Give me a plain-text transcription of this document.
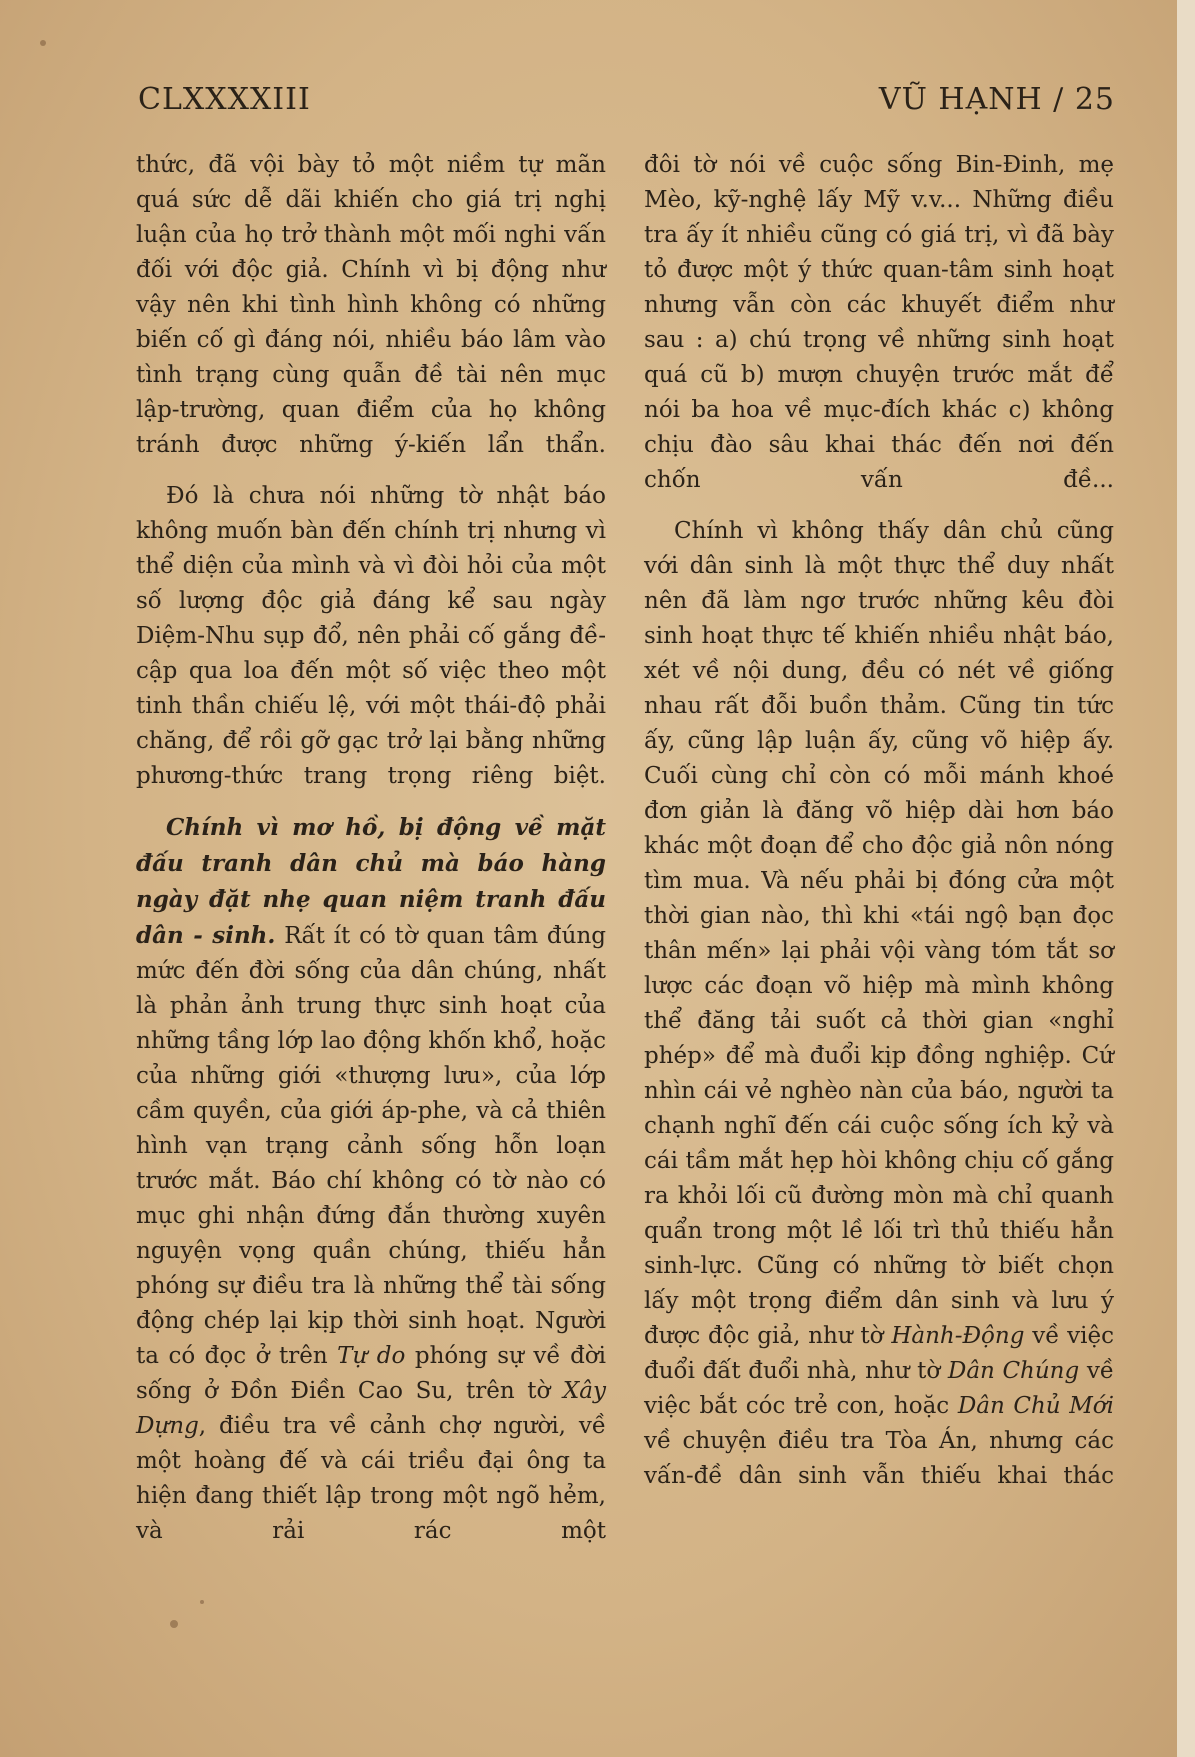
CLXXXXIII	VŨ HẠNH / 25

thức, đã vội bày tỏ một niềm tự mãn quá sức dễ dãi khiến cho giá trị nghị luận của họ trở thành một mối nghi vấn đối với độc giả. Chính vì bị động như vậy nên khi tình hình không có những biến cố gì đáng nói, nhiều báo lâm vào tình trạng cùng quẫn đề tài nên mục lập-trường, quan điểm của họ không tránh được những ý-kiến lẩn thẩn.

Đó là chưa nói những tờ nhật báo không muốn bàn đến chính trị nhưng vì thể diện của mình và vì đòi hỏi của một số lượng độc giả đáng kể sau ngày Diệm-Nhu sụp đổ, nên phải cố gắng đề-cập qua loa đến một số việc theo một tinh thần chiếu lệ, với một thái-độ phải chăng, để rồi gỡ gạc trở lại bằng những phương-thức trang trọng riêng biệt.

Chính vì mơ hồ, bị động về mặt đấu tranh dân chủ mà báo hàng ngày đặt nhẹ quan niệm tranh đấu dân - sinh. Rất ít có tờ quan tâm đúng mức đến đời sống của dân chúng, nhất là phản ảnh trung thực sinh hoạt của những tầng lớp lao động khốn khổ, hoặc của những giới «thượng lưu», của lớp cầm quyền, của giới áp-phe, và cả thiên hình vạn trạng cảnh sống hỗn loạn trước mắt. Báo chí không có tờ nào có mục ghi nhận đứng đắn thường xuyên nguyện vọng quần chúng, thiếu hẳn phóng sự điều tra là những thể tài sống động chép lại kịp thời sinh hoạt. Người ta có đọc ở trên Tự do phóng sự về đời sống ở Đồn Điền Cao Su, trên tờ Xây Dựng, điều tra về cảnh chợ người, về một hoàng đế và cái triều đại ông ta hiện đang thiết lập trong một ngõ hẻm, và rải rác một

đôi tờ nói về cuộc sống Bin-Đinh, mẹ Mèo, kỹ-nghệ lấy Mỹ v.v... Những điều tra ấy ít nhiều cũng có giá trị, vì đã bày tỏ được một ý thức quan-tâm sinh hoạt nhưng vẫn còn các khuyết điểm như sau : a) chú trọng về những sinh hoạt quá cũ b) mượn chuyện trước mắt để nói ba hoa về mục-đích khác c) không chịu đào sâu khai thác đến nơi đến chốn vấn đề...

Chính vì không thấy dân chủ cũng với dân sinh là một thực thể duy nhất nên đã làm ngơ trước những kêu đòi sinh hoạt thực tế khiến nhiều nhật báo, xét về nội dung, đều có nét về giống nhau rất đỗi buồn thảm. Cũng tin tức ấy, cũng lập luận ấy, cũng võ hiệp ấy. Cuối cùng chỉ còn có mỗi mánh khoé đơn giản là đăng võ hiệp dài hơn báo khác một đoạn để cho độc giả nôn nóng tìm mua. Và nếu phải bị đóng cửa một thời gian nào, thì khi «tái ngộ bạn đọc thân mến» lại phải vội vàng tóm tắt sơ lược các đoạn võ hiệp mà mình không thể đăng tải suốt cả thời gian «nghỉ phép» để mà đuổi kịp đồng nghiệp. Cứ nhìn cái vẻ nghèo nàn của báo, người ta chạnh nghĩ đến cái cuộc sống ích kỷ và cái tầm mắt hẹp hòi không chịu cố gắng ra khỏi lối cũ đường mòn mà chỉ quanh quẩn trong một lề lối trì thủ thiếu hẳn sinh-lực. Cũng có những tờ biết chọn lấy một trọng điểm dân sinh và lưu ý được độc giả, như tờ Hành-Động về việc đuổi đất đuổi nhà, như tờ Dân Chúng về việc bắt cóc trẻ con, hoặc Dân Chủ Mới về chuyện điều tra Tòa Án, nhưng các vấn-đề dân sinh vẫn thiếu khai thác
